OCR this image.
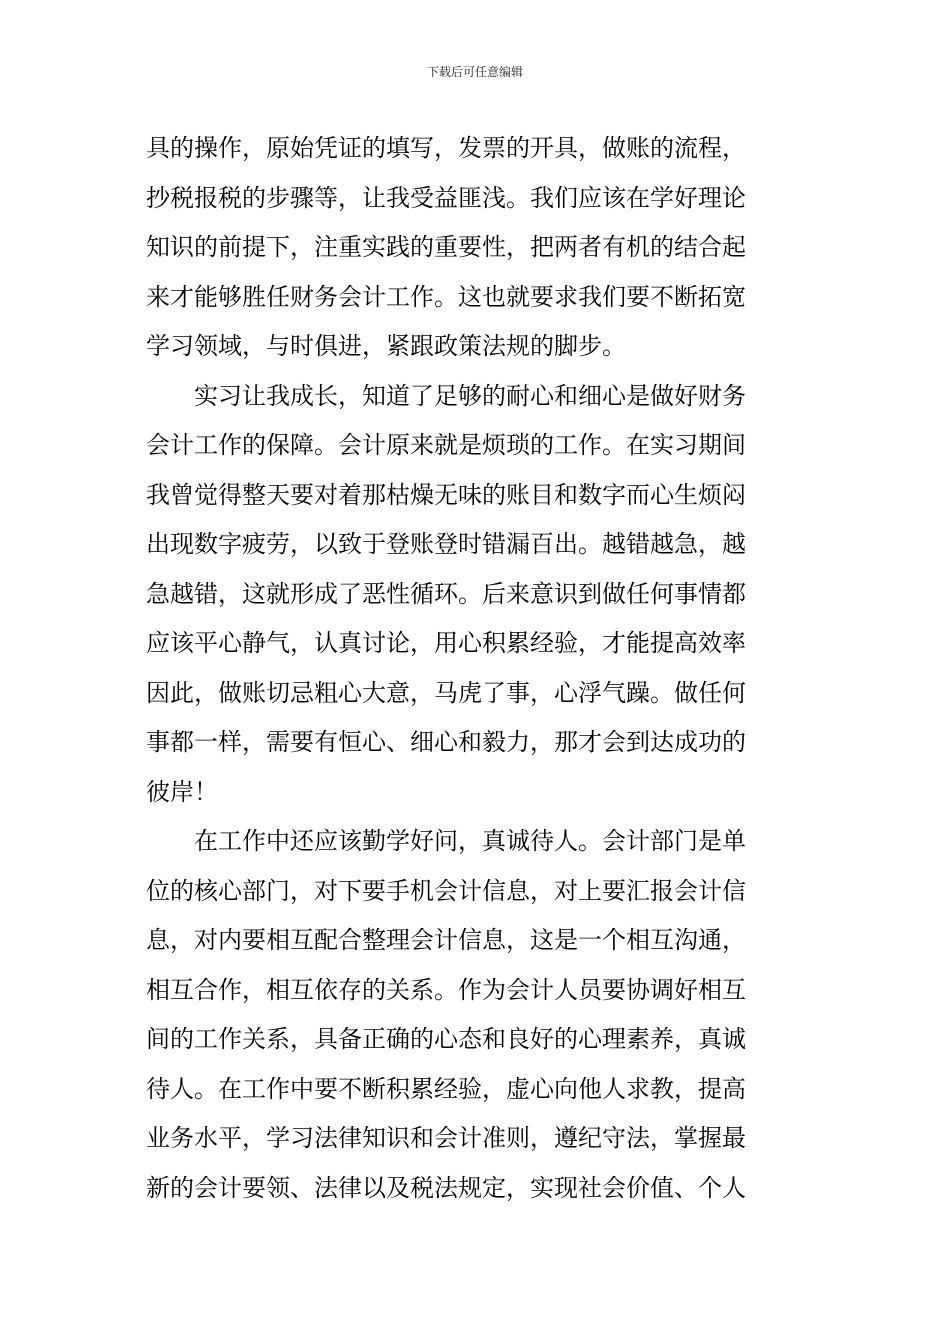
下载后可任意编辑
具的操作，原始凭证的填写，发票的开具，做账的流程，
抄税报税的步骤等，让我受益匪浅。我们应该在学好理论
知识的前提下，注重实践的重要性，把两者有机的结合起
来才能够胜任财务会计工作。这也就要求我们要不断拓宽
学习领域，与时俱进，紧跟政策法规的脚步。
　　实习让我成长，知道了足够的耐心和细心是做好财务
会计工作的保障。会计原来就是烦琐的工作。在实习期间
我曾觉得整天要对着那枯燥无味的账目和数字而心生烦闷
出现数字疲劳，以致于登账登时错漏百出。越错越急，越
急越错，这就形成了恶性循环。后来意识到做任何事情都
应该平心静气，认真讨论，用心积累经验，才能提高效率
因此，做账切忌粗心大意，马虎了事，心浮气躁。做任何
事都一样，需要有恒心、细心和毅力，那才会到达成功的
彼岸！
　　在工作中还应该勤学好问，真诚待人。会计部门是单
位的核心部门，对下要手机会计信息，对上要汇报会计信
息，对内要相互配合整理会计信息，这是一个相互沟通，
相互合作，相互依存的关系。作为会计人员要协调好相互
间的工作关系，具备正确的心态和良好的心理素养，真诚
待人。在工作中要不断积累经验，虚心向他人求教，提高
业务水平，学习法律知识和会计准则，遵纪守法，掌握最
新的会计要领、法律以及税法规定，实现社会价值、个人
